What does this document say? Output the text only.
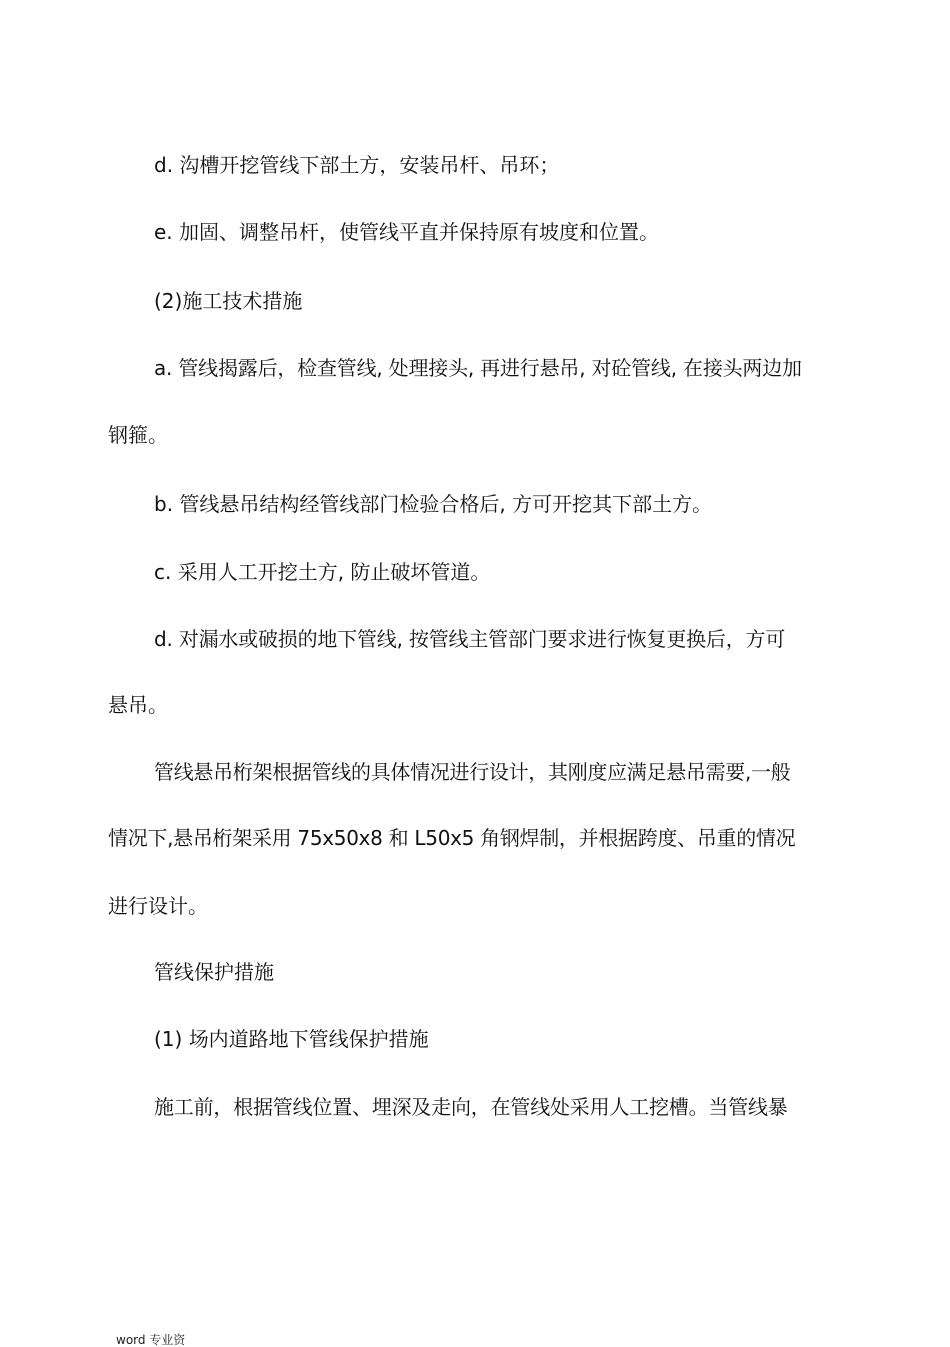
d. 沟槽开挖管线下部土方，安装吊杆、吊环；
e. 加固、调整吊杆，使管线平直并保持原有坡度和位置。
(2)施工技术措施
a. 管线揭露后，检查管线, 处理接头, 再进行悬吊, 对砼管线, 在接头两边加
钢箍。
b. 管线悬吊结构经管线部门检验合格后, 方可开挖其下部土方。
c. 采用人工开挖土方, 防止破坏管道。
d. 对漏水或破损的地下管线, 按管线主管部门要求进行恢复更换后，方可
悬吊。
管线悬吊桁架根据管线的具体情况进行设计，其刚度应满足悬吊需要,一般
情况下,悬吊桁架采用 75x50x8 和 L50x5 角钢焊制，并根据跨度、吊重的情况
进行设计。
管线保护措施
(1) 场内道路地下管线保护措施
施工前，根据管线位置、埋深及走向，在管线处采用人工挖槽。当管线暴
word 专业资
